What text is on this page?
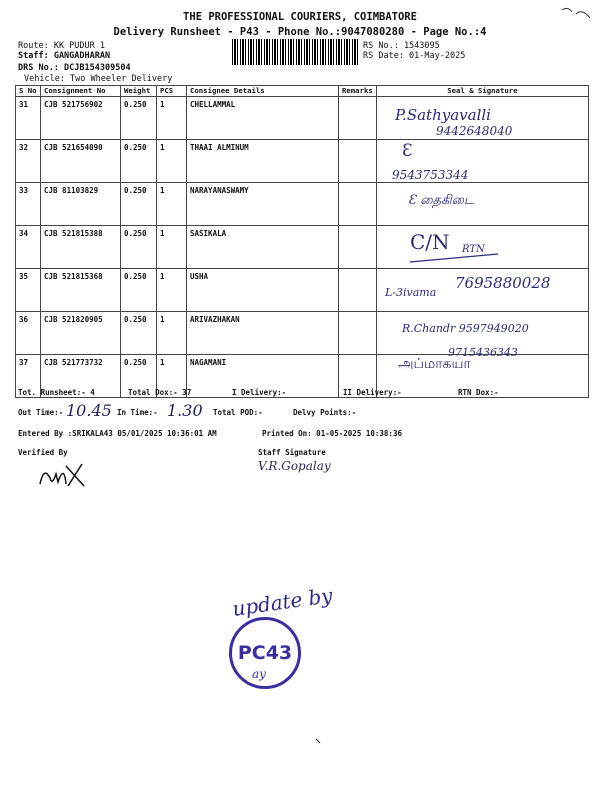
THE PROFESSIONAL COURIERS, COIMBATORE
Delivery Runsheet - P43 - Phone No.:9047080280 - Page No.:4
Route: KK PUDUR 1
Staff: GANGADHARAN
DRS No.: DCJB154309504
Vehicle: Two Wheeler Delivery
RS No.: 1543095
RS Date: 01-May-2025
S No	Consignment No	Weight	PCS	Consignee Details	Remarks	Seal & Signature
31	CJB 521756902	0.250	1	CHELLAMMAL		
32	CJB 521654090	0.250	1	THAAI ALMINUM		
33	CJB 81103829	0.250	1	NARAYANASWAMY		
34	CJB 521815388	0.250	1	SASIKALA		
35	CJB 521815368	0.250	1	USHA		
36	CJB 521820905	0.250	1	ARIVAZHAKAN		
37	CJB 521773732	0.250	1	NAGAMANI		
P.Sathyavalli
9442648040
Ɛ
9543753344
Ɛ தைகிடை
C/N RTN
L-3ivama
7695880028
R.Chandr 9597949020
9715436343
அப்மாகயா
Tot. Runsheet:- 4	Total Dox:- 37	I Delivery:-	II Delivery:-	RTN Dox:-
Out Time:- 10.45 In Time:- 1.30 Total POD:-	Delvy Points:-
Entered By :SRIKALA43 05/01/2025 10:36:01 AM	Printed On: 01-05-2025 10:38:36
Verified By	Staff Signature
V.R.Gopalay
update by
PC43
ay
